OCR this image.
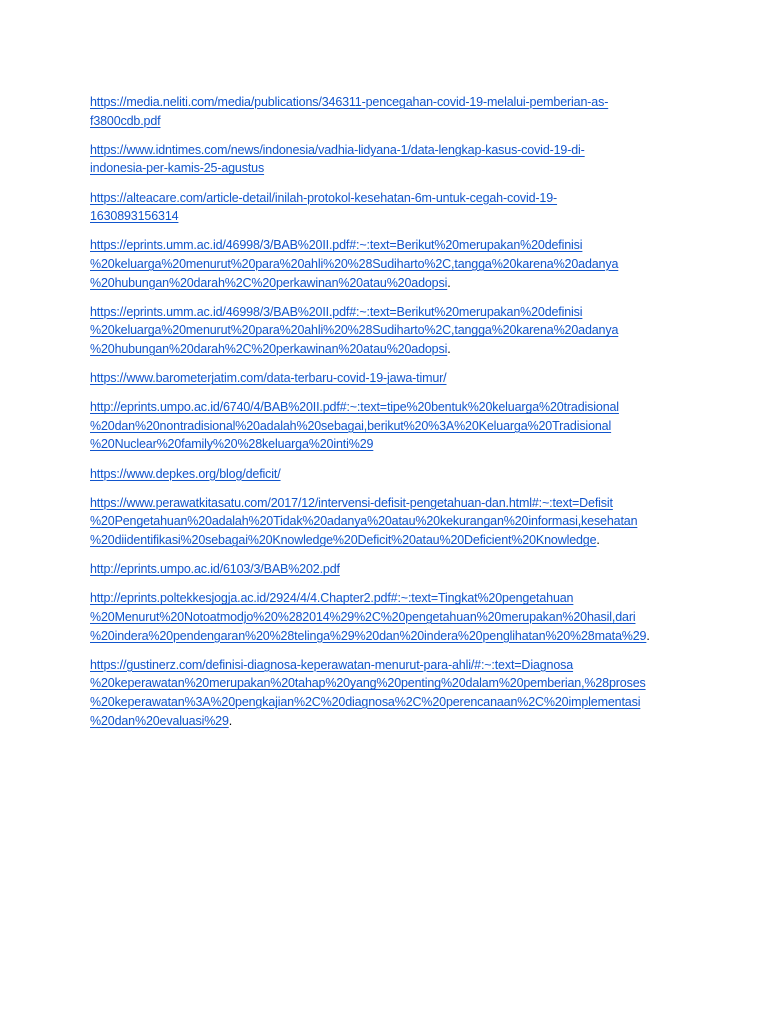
https://media.neliti.com/media/publications/346311-pencegahan-covid-19-melalui-pemberian-as-
f3800cdb.pdf
https://www.idntimes.com/news/indonesia/vadhia-lidyana-1/data-lengkap-kasus-covid-19-di-
indonesia-per-kamis-25-agustus
https://alteacare.com/article-detail/inilah-protokol-kesehatan-6m-untuk-cegah-covid-19-
1630893156314
https://eprints.umm.ac.id/46998/3/BAB%20II.pdf#:~:text=Berikut%20merupakan%20definisi
%20keluarga%20menurut%20para%20ahli%20%28Sudiharto%2C,tangga%20karena%20adanya
%20hubungan%20darah%2C%20perkawinan%20atau%20adopsi.
https://eprints.umm.ac.id/46998/3/BAB%20II.pdf#:~:text=Berikut%20merupakan%20definisi
%20keluarga%20menurut%20para%20ahli%20%28Sudiharto%2C,tangga%20karena%20adanya
%20hubungan%20darah%2C%20perkawinan%20atau%20adopsi.
https://www.barometerjatim.com/data-terbaru-covid-19-jawa-timur/
http://eprints.umpo.ac.id/6740/4/BAB%20II.pdf#:~:text=tipe%20bentuk%20keluarga%20tradisional
%20dan%20nontradisional%20adalah%20sebagai,berikut%20%3A%20Keluarga%20Tradisional
%20Nuclear%20family%20%28keluarga%20inti%29
https://www.depkes.org/blog/deficit/
https://www.perawatkitasatu.com/2017/12/intervensi-defisit-pengetahuan-dan.html#:~:text=Defisit
%20Pengetahuan%20adalah%20Tidak%20adanya%20atau%20kekurangan%20informasi,kesehatan
%20diidentifikasi%20sebagai%20Knowledge%20Deficit%20atau%20Deficient%20Knowledge.
http://eprints.umpo.ac.id/6103/3/BAB%202.pdf
http://eprints.poltekkesjogja.ac.id/2924/4/4.Chapter2.pdf#:~:text=Tingkat%20pengetahuan
%20Menurut%20Notoatmodjo%20%282014%29%2C%20pengetahuan%20merupakan%20hasil,dari
%20indera%20pendengaran%20%28telinga%29%20dan%20indera%20penglihatan%20%28mata%29.
https://gustinerz.com/definisi-diagnosa-keperawatan-menurut-para-ahli/#:~:text=Diagnosa
%20keperawatan%20merupakan%20tahap%20yang%20penting%20dalam%20pemberian,%28proses
%20keperawatan%3A%20pengkajian%2C%20diagnosa%2C%20perencanaan%2C%20implementasi
%20dan%20evaluasi%29.
